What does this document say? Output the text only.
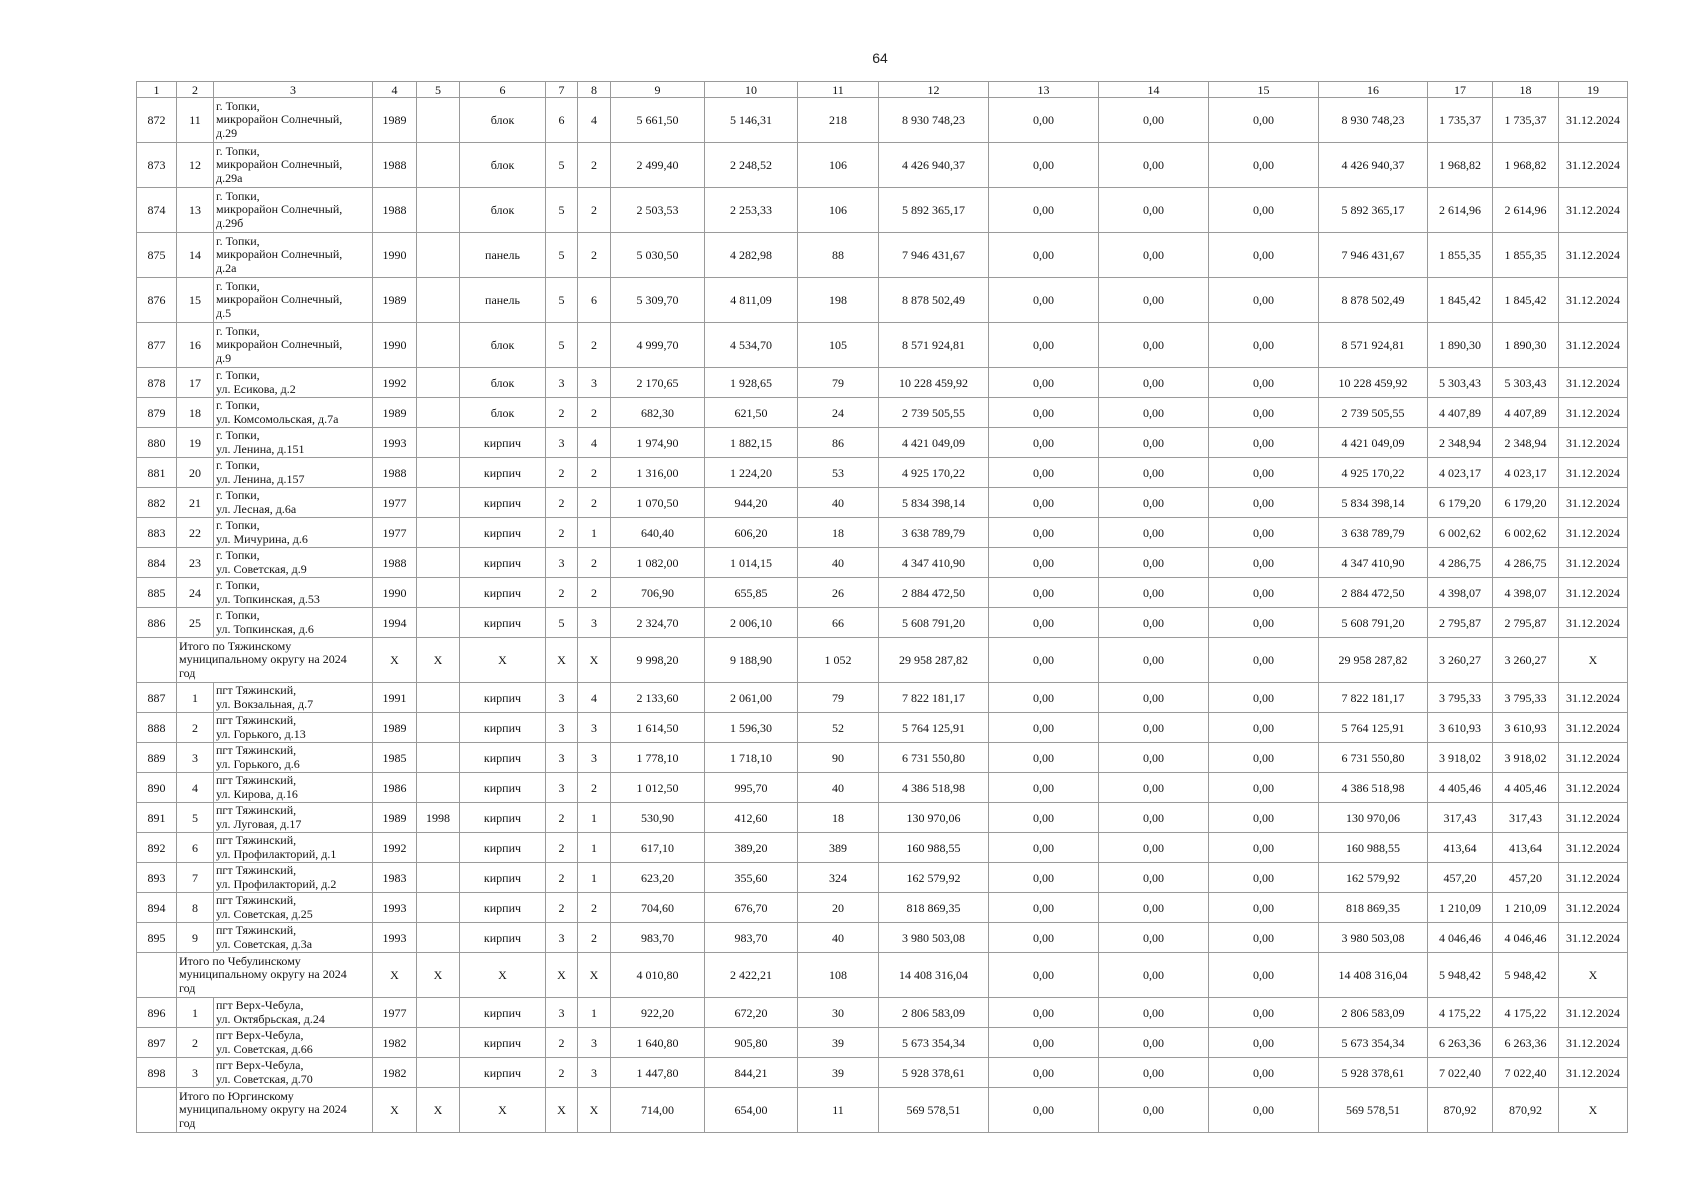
64
1	2	3	4	5	6	7	8	9	10	11	12	13	14	15	16	17	18	19
872	11	г. Топки,
микрорайон Солнечный,
д.29	1989		блок	6	4	5 661,50	5 146,31	218	8 930 748,23	0,00	0,00	0,00	8 930 748,23	1 735,37	1 735,37	31.12.2024
873	12	г. Топки,
микрорайон Солнечный,
д.29а	1988		блок	5	2	2 499,40	2 248,52	106	4 426 940,37	0,00	0,00	0,00	4 426 940,37	1 968,82	1 968,82	31.12.2024
874	13	г. Топки,
микрорайон Солнечный,
д.29б	1988		блок	5	2	2 503,53	2 253,33	106	5 892 365,17	0,00	0,00	0,00	5 892 365,17	2 614,96	2 614,96	31.12.2024
875	14	г. Топки,
микрорайон Солнечный,
д.2а	1990		панель	5	2	5 030,50	4 282,98	88	7 946 431,67	0,00	0,00	0,00	7 946 431,67	1 855,35	1 855,35	31.12.2024
876	15	г. Топки,
микрорайон Солнечный,
д.5	1989		панель	5	6	5 309,70	4 811,09	198	8 878 502,49	0,00	0,00	0,00	8 878 502,49	1 845,42	1 845,42	31.12.2024
877	16	г. Топки,
микрорайон Солнечный,
д.9	1990		блок	5	2	4 999,70	4 534,70	105	8 571 924,81	0,00	0,00	0,00	8 571 924,81	1 890,30	1 890,30	31.12.2024
878	17	г. Топки,
ул. Есикова, д.2	1992		блок	3	3	2 170,65	1 928,65	79	10 228 459,92	0,00	0,00	0,00	10 228 459,92	5 303,43	5 303,43	31.12.2024
879	18	г. Топки,
ул. Комсомольская, д.7а	1989		блок	2	2	682,30	621,50	24	2 739 505,55	0,00	0,00	0,00	2 739 505,55	4 407,89	4 407,89	31.12.2024
880	19	г. Топки,
ул. Ленина, д.151	1993		кирпич	3	4	1 974,90	1 882,15	86	4 421 049,09	0,00	0,00	0,00	4 421 049,09	2 348,94	2 348,94	31.12.2024
881	20	г. Топки,
ул. Ленина, д.157	1988		кирпич	2	2	1 316,00	1 224,20	53	4 925 170,22	0,00	0,00	0,00	4 925 170,22	4 023,17	4 023,17	31.12.2024
882	21	г. Топки,
ул. Лесная, д.6а	1977		кирпич	2	2	1 070,50	944,20	40	5 834 398,14	0,00	0,00	0,00	5 834 398,14	6 179,20	6 179,20	31.12.2024
883	22	г. Топки,
ул. Мичурина, д.6	1977		кирпич	2	1	640,40	606,20	18	3 638 789,79	0,00	0,00	0,00	3 638 789,79	6 002,62	6 002,62	31.12.2024
884	23	г. Топки,
ул. Советская, д.9	1988		кирпич	3	2	1 082,00	1 014,15	40	4 347 410,90	0,00	0,00	0,00	4 347 410,90	4 286,75	4 286,75	31.12.2024
885	24	г. Топки,
ул. Топкинская, д.53	1990		кирпич	2	2	706,90	655,85	26	2 884 472,50	0,00	0,00	0,00	2 884 472,50	4 398,07	4 398,07	31.12.2024
886	25	г. Топки,
ул. Топкинская, д.6	1994		кирпич	5	3	2 324,70	2 006,10	66	5 608 791,20	0,00	0,00	0,00	5 608 791,20	2 795,87	2 795,87	31.12.2024

	Итого по Тяжинскому
муниципальному округу на 2024
год		X	X	X	X	X	9 998,20	9 188,90	1 052	29 958 287,82	0,00	0,00	0,00	29 958 287,82	3 260,27	3 260,27	X
887	1	пгт Тяжинский,
ул. Вокзальная, д.7	1991		кирпич	3	4	2 133,60	2 061,00	79	7 822 181,17	0,00	0,00	0,00	7 822 181,17	3 795,33	3 795,33	31.12.2024
888	2	пгт Тяжинский,
ул. Горького, д.13	1989		кирпич	3	3	1 614,50	1 596,30	52	5 764 125,91	0,00	0,00	0,00	5 764 125,91	3 610,93	3 610,93	31.12.2024
889	3	пгт Тяжинский,
ул. Горького, д.6	1985		кирпич	3	3	1 778,10	1 718,10	90	6 731 550,80	0,00	0,00	0,00	6 731 550,80	3 918,02	3 918,02	31.12.2024
890	4	пгт Тяжинский,
ул. Кирова, д.16	1986		кирпич	3	2	1 012,50	995,70	40	4 386 518,98	0,00	0,00	0,00	4 386 518,98	4 405,46	4 405,46	31.12.2024
891	5	пгт Тяжинский,
ул. Луговая, д.17	1989	1998	кирпич	2	1	530,90	412,60	18	130 970,06	0,00	0,00	0,00	130 970,06	317,43	317,43	31.12.2024
892	6	пгт Тяжинский,
ул. Профилакторий, д.1	1992		кирпич	2	1	617,10	389,20	389	160 988,55	0,00	0,00	0,00	160 988,55	413,64	413,64	31.12.2024
893	7	пгт Тяжинский,
ул. Профилакторий, д.2	1983		кирпич	2	1	623,20	355,60	324	162 579,92	0,00	0,00	0,00	162 579,92	457,20	457,20	31.12.2024
894	8	пгт Тяжинский,
ул. Советская, д.25	1993		кирпич	2	2	704,60	676,70	20	818 869,35	0,00	0,00	0,00	818 869,35	1 210,09	1 210,09	31.12.2024
895	9	пгт Тяжинский,
ул. Советская, д.3а	1993		кирпич	3	2	983,70	983,70	40	3 980 503,08	0,00	0,00	0,00	3 980 503,08	4 046,46	4 046,46	31.12.2024

	Итого по Чебулинскому
муниципальному округу на 2024
год		X	X	X	X	X	4 010,80	2 422,21	108	14 408 316,04	0,00	0,00	0,00	14 408 316,04	5 948,42	5 948,42	X
896	1	пгт Верх-Чебула,
ул. Октябрьская, д.24	1977		кирпич	3	1	922,20	672,20	30	2 806 583,09	0,00	0,00	0,00	2 806 583,09	4 175,22	4 175,22	31.12.2024
897	2	пгт Верх-Чебула,
ул. Советская, д.66	1982		кирпич	2	3	1 640,80	905,80	39	5 673 354,34	0,00	0,00	0,00	5 673 354,34	6 263,36	6 263,36	31.12.2024
898	3	пгт Верх-Чебула,
ул. Советская, д.70	1982		кирпич	2	3	1 447,80	844,21	39	5 928 378,61	0,00	0,00	0,00	5 928 378,61	7 022,40	7 022,40	31.12.2024

	Итого по Юргинскому
муниципальному округу на 2024
год		X	X	X	X	X	714,00	654,00	11	569 578,51	0,00	0,00	0,00	569 578,51	870,92	870,92	X
